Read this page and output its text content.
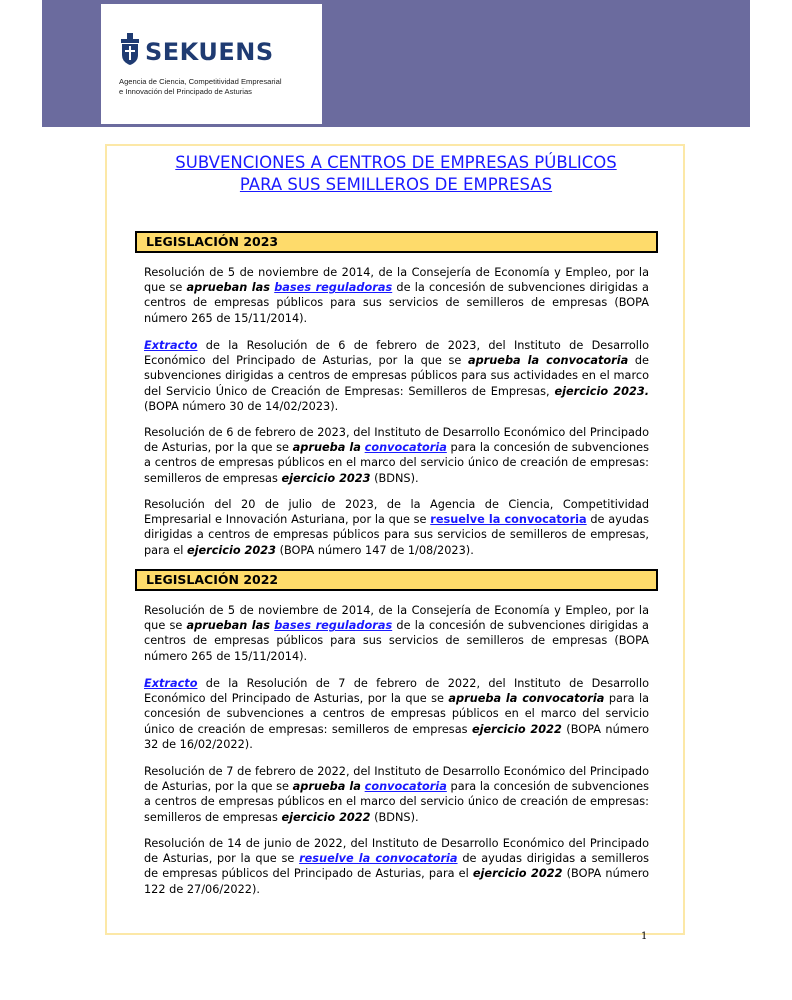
SEKUENS
Agencia de Ciencia, Competitividad Empresarial
e Innovación del Principado de Asturias
SUBVENCIONES A CENTROS DE EMPRESAS PÚBLICOS
PARA SUS SEMILLEROS DE EMPRESAS
LEGISLACIÓN 2023
Resolución de 5 de noviembre de 2014, de la Consejería de Economía y Empleo, por la que se aprueban las bases reguladoras de la concesión de subvenciones dirigidas a centros de empresas públicos para sus servicios de semilleros de empresas (BOPA número 265 de 15/11/2014).
Extracto de la Resolución de 6 de febrero de 2023, del Instituto de Desarrollo Económico del Principado de Asturias, por la que se aprueba la convocatoria de subvenciones dirigidas a centros de empresas públicos para sus actividades en el marco del Servicio Único de Creación de Empresas: Semilleros de Empresas, ejercicio 2023. (BOPA número 30 de 14/02/2023).
Resolución de 6 de febrero de 2023, del Instituto de Desarrollo Económico del Principado de Asturias, por la que se aprueba la convocatoria para la concesión de subvenciones a centros de empresas públicos en el marco del servicio único de creación de empresas: semilleros de empresas ejercicio 2023 (BDNS).
Resolución del 20 de julio de 2023, de la Agencia de Ciencia, Competitividad Empresarial e Innovación Asturiana, por la que se resuelve la convocatoria de ayudas dirigidas a centros de empresas públicos para sus servicios de semilleros de empresas, para el ejercicio 2023 (BOPA número 147 de 1/08/2023).
LEGISLACIÓN 2022
Resolución de 5 de noviembre de 2014, de la Consejería de Economía y Empleo, por la que se aprueban las bases reguladoras de la concesión de subvenciones dirigidas a centros de empresas públicos para sus servicios de semilleros de empresas (BOPA número 265 de 15/11/2014).
Extracto de la Resolución de 7 de febrero de 2022, del Instituto de Desarrollo Económico del Principado de Asturias, por la que se aprueba la convocatoria para la concesión de subvenciones a centros de empresas públicos en el marco del servicio único de creación de empresas: semilleros de empresas ejercicio 2022 (BOPA número 32 de 16/02/2022).
Resolución de 7 de febrero de 2022, del Instituto de Desarrollo Económico del Principado de Asturias, por la que se aprueba la convocatoria para la concesión de subvenciones a centros de empresas públicos en el marco del servicio único de creación de empresas: semilleros de empresas ejercicio 2022 (BDNS).
Resolución de 14 de junio de 2022, del Instituto de Desarrollo Económico del Principado de Asturias, por la que se resuelve la convocatoria de ayudas dirigidas a semilleros de empresas públicos del Principado de Asturias, para el ejercicio 2022 (BOPA número 122 de 27/06/2022).
1
